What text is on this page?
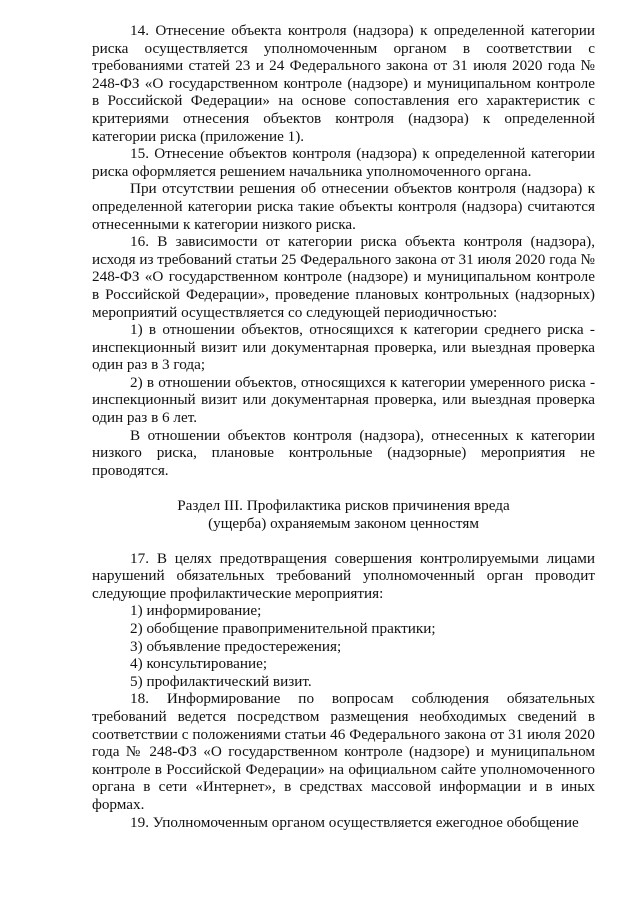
14. Отнесение объекта контроля (надзора) к определенной категории риска осуществляется уполномоченным органом в соответствии с требованиями статей 23 и 24 Федерального закона от 31 июля 2020 года № 248-ФЗ «О государственном контроле (надзоре) и муниципальном контроле в Российской Федерации» на основе сопоставления его характеристик с критериями отнесения объектов контроля (надзора) к определенной категории риска (приложение 1).

15. Отнесение объектов контроля (надзора) к определенной категории риска оформляется решением начальника уполномоченного органа.

При отсутствии решения об отнесении объектов контроля (надзора) к определенной категории риска такие объекты контроля (надзора) считаются отнесенными к категории низкого риска.

16. В зависимости от категории риска объекта контроля (надзора), исходя из требований статьи 25 Федерального закона от 31 июля 2020 года № 248-ФЗ «О государственном контроле (надзоре) и муниципальном контроле в Российской Федерации», проведение плановых контрольных (надзорных) мероприятий осуществляется со следующей периодичностью:

1) в отношении объектов, относящихся к категории среднего риска - инспекционный визит или документарная проверка, или выездная проверка один раз в 3 года;

2) в отношении объектов, относящихся к категории умеренного риска - инспекционный визит или документарная проверка, или выездная проверка один раз в 6 лет.

В отношении объектов контроля (надзора), отнесенных к категории низкого риска, плановые контрольные (надзорные) мероприятия не проводятся.

Раздел III. Профилактика рисков причинения вреда

(ущерба) охраняемым законом ценностям

17. В целях предотвращения совершения контролируемыми лицами нарушений обязательных требований уполномоченный орган проводит следующие профилактические мероприятия:

1) информирование;

2) обобщение правоприменительной практики;

3) объявление предостережения;

4) консультирование;

5) профилактический визит.

18. Информирование по вопросам соблюдения обязательных требований ведется посредством размещения необходимых сведений в соответствии с положениями статьи 46 Федерального закона от 31 июля 2020 года № 248-ФЗ «О государственном контроле (надзоре) и муниципальном контроле в Российской Федерации» на официальном сайте уполномоченного органа в сети «Интернет», в средствах массовой информации и в иных формах.

19. Уполномоченным органом осуществляется ежегодное обобщение
